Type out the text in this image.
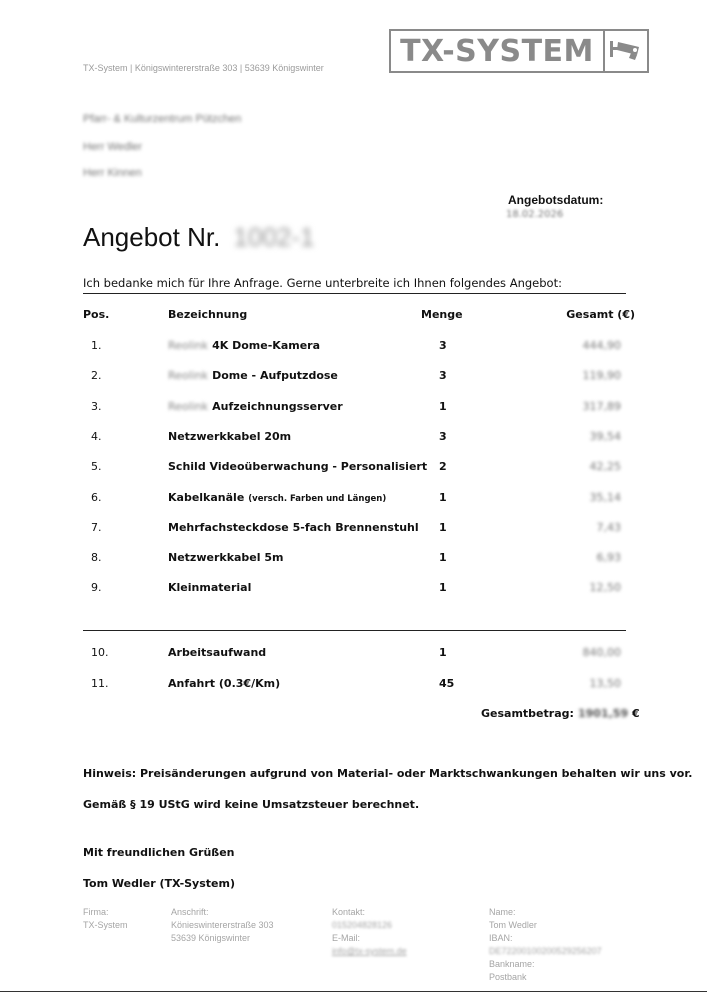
TX-System | Königswintererstraße 303 | 53639 Königswinter	TX-SYSTEM
Pfarr- & Kulturzentrum Pützchen
Herr Wedler
Herr Kinnen
Angebotsdatum:
18.02.2026
Angebot Nr. 1002-1
Ich bedanke mich für Ihre Anfrage. Gerne unterbreite ich Ihnen folgendes Angebot:
Pos.	Bezeichnung	Menge	Gesamt (€)
1.	Reolink 4K Dome-Kamera	3	444,90
2.	Reolink Dome - Aufputzdose	3	119,90
3.	Reolink Aufzeichnungsserver	1	317,89
4.	Netzwerkkabel 20m	3	39,54
5.	Schild Videoüberwachung - Personalisiert 2	42,25
6.	Kabelkanäle (versch. Farben und Längen)	1	35,14
7.	Mehrfachsteckdose 5-fach Brennenstuhl 1	7,43
8.	Netzwerkkabel 5m	1	6,93
9.	Kleinmaterial	1	12,50
10.	Arbeitsaufwand	1	840,00
11.	Anfahrt (0.3€/Km)	45	13,50
Gesamtbetrag: 1901,59 €
Hinweis: Preisänderungen aufgrund von Material- oder Marktschwankungen behalten wir uns vor.
Gemäß § 19 UStG wird keine Umsatzsteuer berechnet.
Mit freundlichen Grüßen
Tom Wedler (TX-System)
Firma:
TX-System
Anschrift:
Könieswintererstraße 303
53639 Königswinter
Kontakt:
015204828126
E-Mail:
info@tx-system.de
Name:
Tom Wedler
IBAN:
DE72200100200529256207
Bankname:
Postbank
